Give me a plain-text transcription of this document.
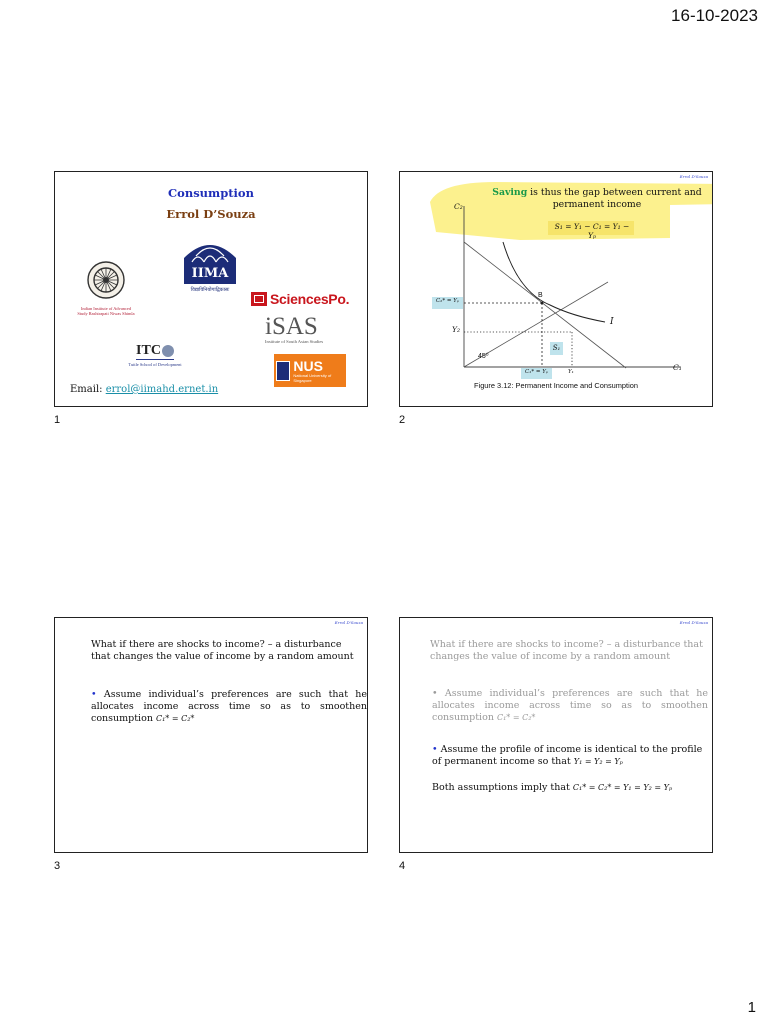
16-10-2023
Consumption
Errol D’Souza
Indian Institute of Advanced Study Rashtrapati Niwas Shimla
IIMA
विद्याविनियोगाद्विकासः
SciencesPo.
iSAS
Institute of South Asian Studies
ITC
Tuttle School of Development	NUS
National University of Singapore
Email: errol@iimahd.ernet.in
1
Errol D'Souza
Saving is thus the gap between current and permanent income
S₁ = Y₁ − C₁ = Y₁ − Yₚ
C₂
C₁
B
I
45⁰
C₂* = Yₚ
Y₂
S₁
C₁* = Yₚ	Y₁
Figure 3.12: Permanent Income and Consumption
2
Errol D'Souza
What if there are shocks to income? – a disturbance that changes the value of income by a random amount
• Assume individual’s preferences are such that he allocates income across time so as to smoothen consumption C₁* = C₂*
3
Errol D'Souza
What if there are shocks to income? – a disturbance that changes the value of income by a random amount
• Assume individual’s preferences are such that he allocates income across time so as to smoothen consumption C₁* = C₂*
• Assume the profile of income is identical to the profile of permanent income so that Y₁ = Y₂ = Yₚ
Both assumptions imply that C₁* = C₂* = Y₁ = Y₂ = Yₚ
4
1
